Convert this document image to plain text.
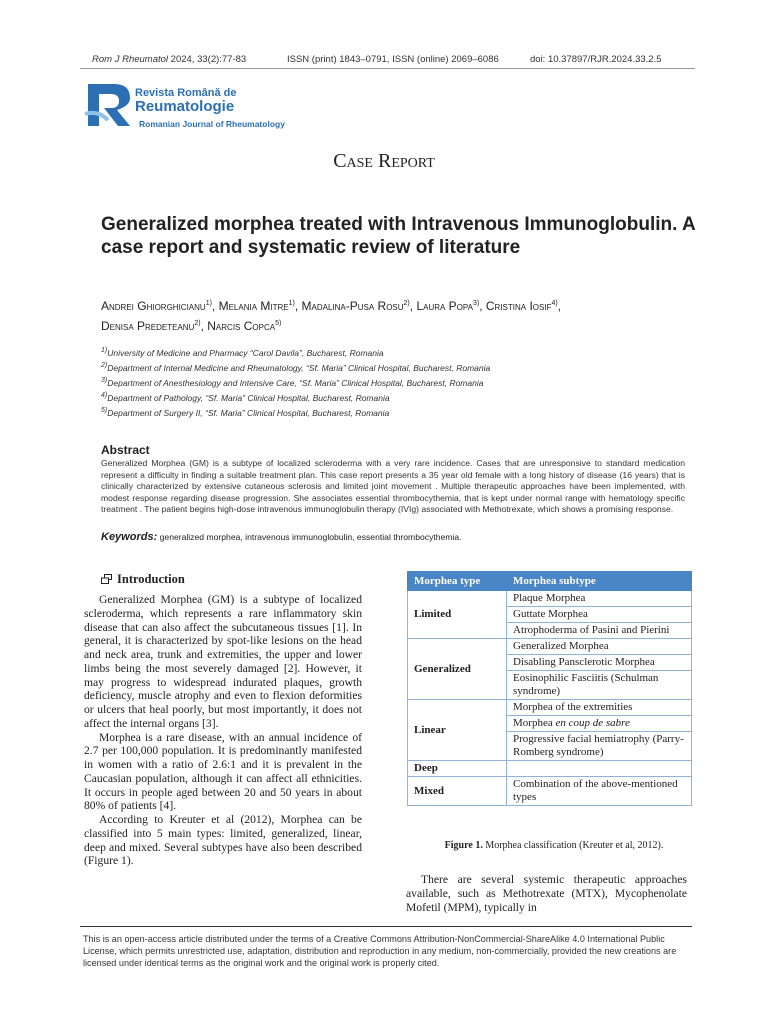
Rom J Rheumatol 2024, 33(2):77-83	ISSN (print) 1843–0791, ISSN (online) 2069–6086	doi: 10.37897/RJR.2024.33.2.5
Revista Română de
Reumatologie
Romanian Journal of Rheumatology
Case Report
Generalized morphea treated with Intravenous Immunoglobulin. A case report and systematic review of literature
Andrei Ghiorghicianu$^{1)}$, Melania Mitre$^{1)}$, Madalina-Pusa Rosu$^{2)}$, Laura Popa$^{3)}$, Cristina Iosif$^{4)}$,
Denisa Predeteanu$^{2)}$, Narcis Copca$^{5)}$
$^{1)}$University of Medicine and Pharmacy “Carol Davila”, Bucharest, Romania
$^{2)}$Department of Internal Medicine and Rheumatology, “Sf. Maria” Clinical Hospital, Bucharest, Romania
$^{3)}$Department of Anesthesiology and Intensive Care, “Sf. Maria” Clinical Hospital, Bucharest, Romania
$^{4)}$Department of Pathology, “Sf. Maria” Clinical Hospital, Bucharest, Romania
$^{5)}$Department of Surgery II, “Sf. Maria” Clinical Hospital, Bucharest, Romania
Abstract
Generalized Morphea (GM) is a subtype of localized scleroderma with a very rare incidence. Cases that are unresponsive to standard medication represent a difficulty in finding a suitable treatment plan. This case report presents a 35 year old female with a long history of disease (16 years) that is clinically characterized by extensive cutaneous sclerosis and limited joint movement . Multiple therapeutic approaches have been implemented, with modest response regarding disease progression. She associates essential thrombocythemia, that is kept under normal range with hematology specific treatment . The patient begins high-dose intravenous immunoglobulin therapy (IVIg) associated with Methotrexate, which shows a promising response.
Keywords: generalized morphea, intravenous immunoglobulin, essential thrombocythemia.
Introduction

Generalized Morphea (GM) is a subtype of localized scleroderma, which represents a rare inflammatory skin disease that can also affect the subcutaneous tissues [1]. In general, it is characterized by spot-like lesions on the head and neck area, trunk and extremities, the upper and lower limbs being the most severely damaged [2]. However, it may progress to widespread indurated plaques, growth deficiency, muscle atrophy and even to flexion deformities or ulcers that heal poorly, but most importantly, it does not affect the internal organs [3].

Morphea is a rare disease, with an annual incidence of 2.7 per 100,000 population. It is predominantly manifested in women with a ratio of 2.6:1 and it is prevalent in the Caucasian population, although it can affect all ethnicities. It occurs in people aged between 20 and 50 years in about 80% of patients [4].

According to Kreuter et al (2012), Morphea can be classified into 5 main types: limited, generalized, linear, deep and mixed. Several subtypes have also been described (Figure 1).

Morphea type	Morphea subtype
Limited	Plaque Morphea
	Guttate Morphea
	Atrophoderma of Pasini and Pierini
Generalized	Generalized Morphea
	Disabling Pansclerotic Morphea
	Eosinophilic Fasciitis (Schulman syndrome)
Linear	Morphea of the extremities
	Morphea en coup de sabre
	Progressive facial hemiatrophy (Parry-Romberg syndrome)
Deep	
Mixed	Combination of the above-mentioned types
Figure 1. Morphea classification (Kreuter et al, 2012).

There are several systemic therapeutic approaches available, such as Methotrexate (MTX), Mycophenolate Mofetil (MPM), typically in

This is an open-access article distributed under the terms of a Creative Commons Attribution-NonCommercial-ShareAlike 4.0 International Public License, which permits unrestricted use, adaptation, distribution and reproduction in any medium, non-commercially, provided the new creations are licensed under identical terms as the original work and the original work is properly cited.
